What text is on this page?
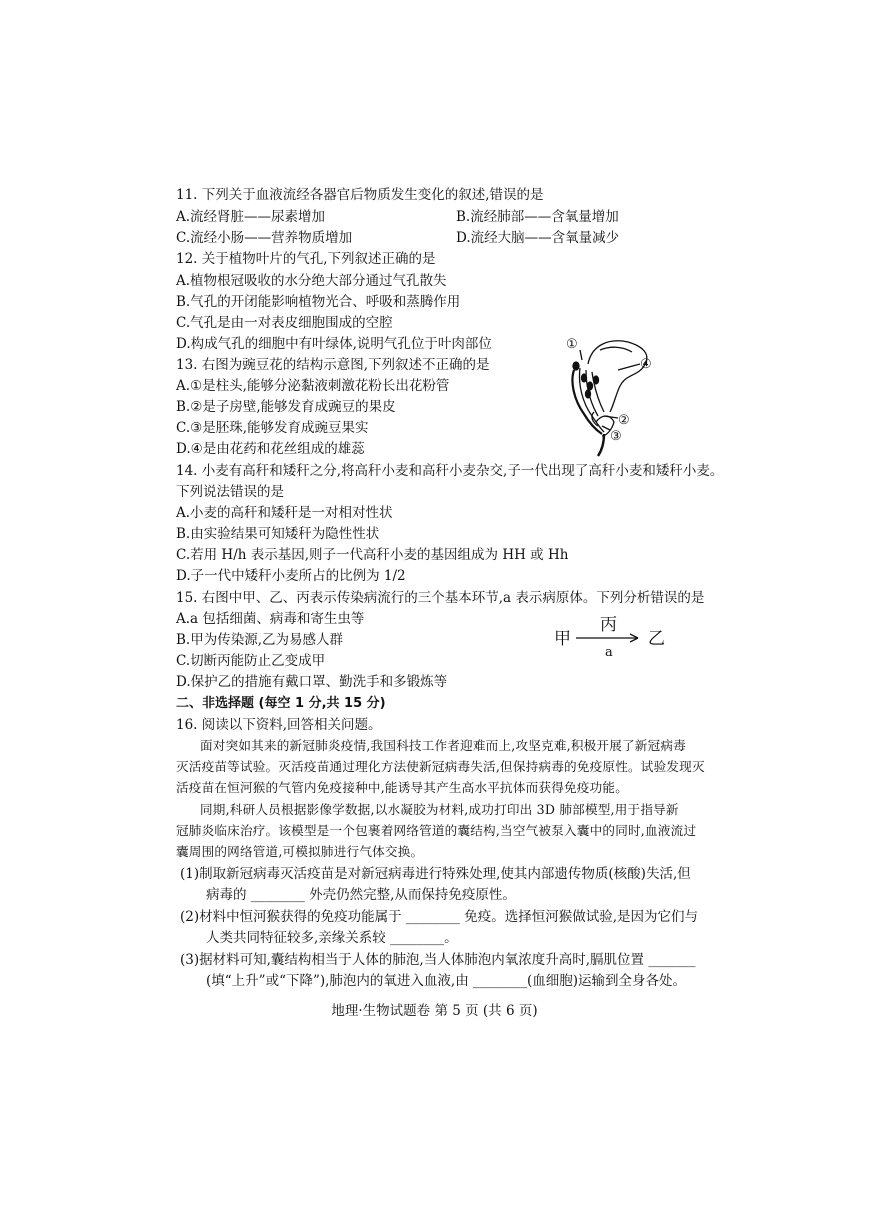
11. 下列关于血液流经各器官后物质发生变化的叙述,错误的是
A.流经肾脏——尿素增加	B.流经肺部——含氧量增加
C.流经小肠——营养物质增加	D.流经大脑——含氧量减少
12. 关于植物叶片的气孔,下列叙述正确的是
A.植物根冠吸收的水分绝大部分通过气孔散失
B.气孔的开闭能影响植物光合、呼吸和蒸腾作用
C.气孔是由一对表皮细胞围成的空腔
D.构成气孔的细胞中有叶绿体,说明气孔位于叶肉部位
13. 右图为豌豆花的结构示意图,下列叙述不正确的是
A.①是柱头,能够分泌黏液刺激花粉长出花粉管
B.②是子房壁,能够发育成豌豆的果皮
C.③是胚珠,能够发育成豌豆果实
D.④是由花药和花丝组成的雄蕊
①
④
②
③
14. 小麦有高秆和矮秆之分,将高秆小麦和高秆小麦杂交,子一代出现了高秆小麦和矮秆小麦。
下列说法错误的是
A.小麦的高秆和矮秆是一对相对性状
B.由实验结果可知矮秆为隐性性状
C.若用 H/h 表示基因,则子一代高秆小麦的基因组成为 HH 或 Hh
D.子一代中矮秆小麦所占的比例为 1/2
15. 右图中甲、乙、丙表示传染病流行的三个基本环节,a 表示病原体。下列分析错误的是
A.a 包括细菌、病毒和寄生虫等
B.甲为传染源,乙为易感人群
C.切断丙能防止乙变成甲
D.保护乙的措施有戴口罩、勤洗手和多锻炼等
甲
丙
a
乙
二、非选择题 (每空 1 分,共 15 分)
16. 阅读以下资料,回答相关问题。
面对突如其来的新冠肺炎疫情,我国科技工作者迎难而上,攻坚克难,积极开展了新冠病毒
灭活疫苗等试验。灭活疫苗通过理化方法使新冠病毒失活,但保持病毒的免疫原性。试验发现灭
活疫苗在恒河猴的气管内免疫接种中,能诱导其产生高水平抗体而获得免疫功能。
同期,科研人员根据影像学数据,以水凝胶为材料,成功打印出 3D 肺部模型,用于指导新
冠肺炎临床治疗。该模型是一个包裹着网络管道的囊结构,当空气被泵入囊中的同时,血液流过
囊周围的网络管道,可模拟肺进行气体交换。
(1)制取新冠病毒灭活疫苗是对新冠病毒进行特殊处理,使其内部遗传物质(核酸)失活,但
病毒的 ________ 外壳仍然完整,从而保持免疫原性。
(2)材料中恒河猴获得的免疫功能属于 ________ 免疫。选择恒河猴做试验,是因为它们与
人类共同特征较多,亲缘关系较 ________。
(3)据材料可知,囊结构相当于人体的肺泡,当人体肺泡内氧浓度升高时,膈肌位置 _______
(填“上升”或“下降”),肺泡内的氧进入血液,由 ________(血细胞)运输到全身各处。
地理·生物试题卷 第 5 页 (共 6 页)
